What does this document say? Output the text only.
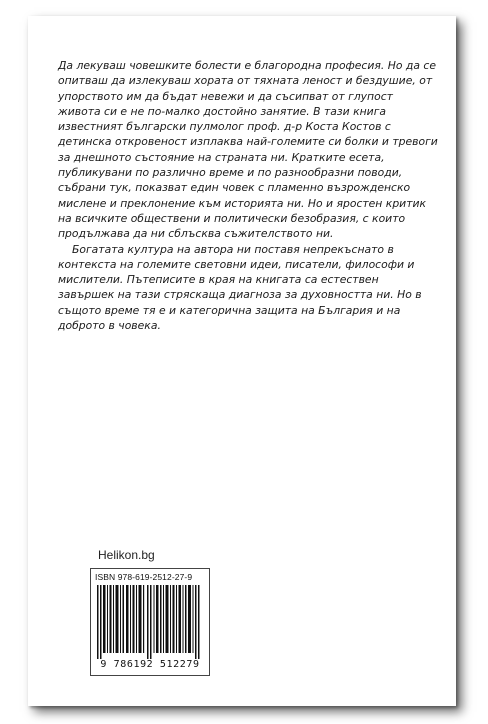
Да лекуваш човешките болести е благородна професия. Но да се опитваш да излекуваш хората от тяхната леност и бездушие, от упорството им да бъдат невежи и да съсипват от глупост живота си е не по-малко достойно занятие. В тази книга известният български пулмолог проф. д-р Коста Костов с детинска откровеност изплаква най-големите си болки и тревоги за днешното състояние на страната ни. Кратките есета, публикувани по различно време и по разнообразни поводи, събрани тук, показват един човек с пламенно възрожденско мислене и преклонение към историята ни. Но и яростен критик на всичките обществени и политически безобразия, с които продължава да ни сблъсква съжителството ни.

Богатата култура на автора ни поставя непрекъснато в контекста на големите световни идеи, писатели, философи и мислители. Пътеписите в края на книгата са естествен завършек на тази стряскаща диагноза за духовността ни. Но в същото време тя е и категорична защита на България и на доброто в човека.

Helikon.bg
ISBN 978-619-2512-27-9
9 786192 512279
